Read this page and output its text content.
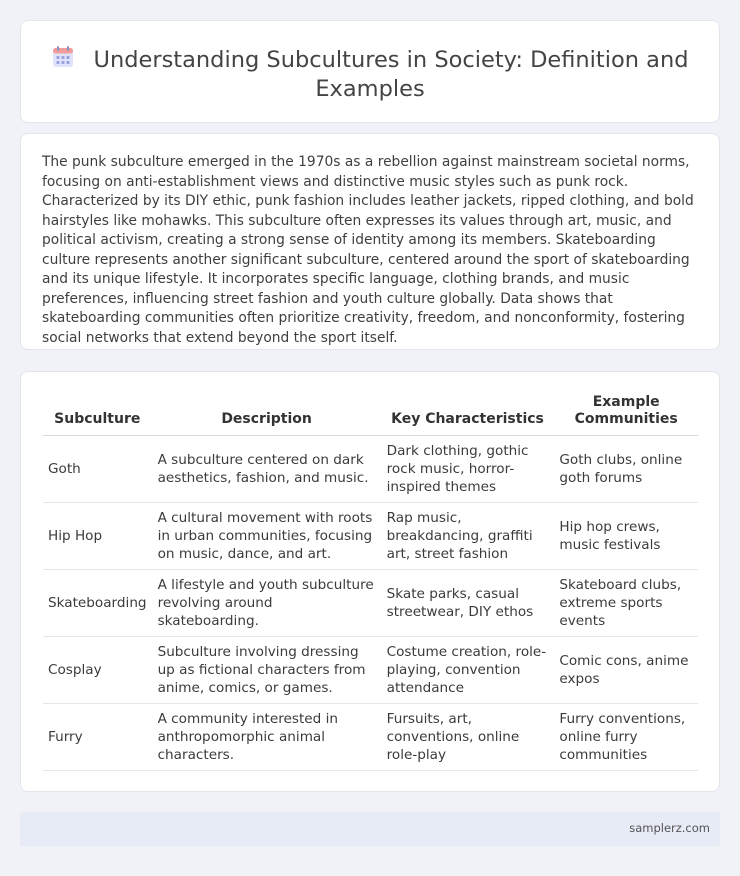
Understanding Subcultures in Society: Definition and Examples

The punk subculture emerged in the 1970s as a rebellion against mainstream societal norms, focusing on anti-establishment views and distinctive music styles such as punk rock. Characterized by its DIY ethic, punk fashion includes leather jackets, ripped clothing, and bold hairstyles like mohawks. This subculture often expresses its values through art, music, and political activism, creating a strong sense of identity among its members. Skateboarding culture represents another significant subculture, centered around the sport of skateboarding and its unique lifestyle. It incorporates specific language, clothing brands, and music preferences, influencing street fashion and youth culture globally. Data shows that skateboarding communities often prioritize creativity, freedom, and nonconformity, fostering social networks that extend beyond the sport itself.

Subculture	Description	Key Characteristics	Example Communities
Goth	A subculture centered on dark aesthetics, fashion, and music.	Dark clothing, gothic rock music, horror-inspired themes	Goth clubs, online goth forums
Hip Hop	A cultural movement with roots in urban communities, focusing on music, dance, and art.	Rap music, breakdancing, graffiti art, street fashion	Hip hop crews, music festivals
Skateboarding	A lifestyle and youth subculture revolving around skateboarding.	Skate parks, casual streetwear, DIY ethos	Skateboard clubs, extreme sports events
Cosplay	Subculture involving dressing up as fictional characters from anime, comics, or games.	Costume creation, role-playing, convention attendance	Comic cons, anime expos
Furry	A community interested in anthropomorphic animal characters.	Fursuits, art, conventions, online role-play	Furry conventions, online furry communities
samplerz.com
